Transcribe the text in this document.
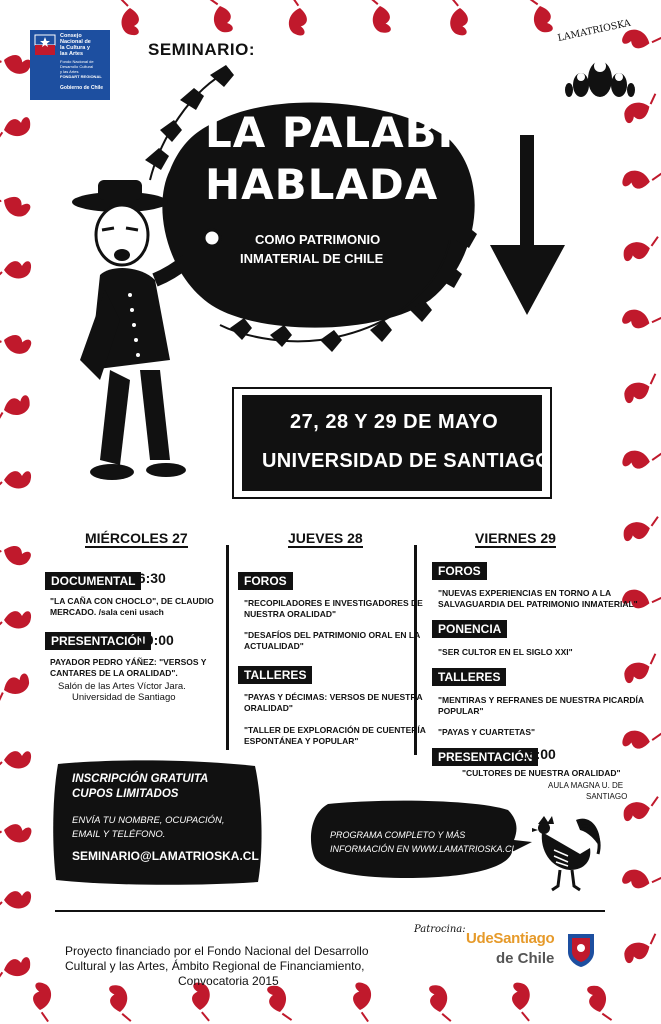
Consejo
Nacional de
la Cultura y
las Artes
Fondo Nacional de
Desarrollo Cultural
y las Artes
FONDART REGIONAL
Gobierno de Chile
SEMINARIO:
LAMATRIOSKA
LA PALABRA
HABLADA
COMO PATRIMONIO
INMATERIAL DE CHILE
27, 28 Y 29 DE MAYO
UNIVERSIDAD DE SANTIAGO
MIÉRCOLES 27
DOCUMENTAL
16:30
"LA CAÑA CON CHOCLO", DE CLAUDIO
MERCADO. /sala ceni usach
PRESENTACIÓN
19:00
PAYADOR PEDRO YÁÑEZ: "VERSOS Y
CANTARES DE LA ORALIDAD".
Salón de las Artes Víctor Jara.
Universidad de Santiago
JUEVES 28
FOROS
"RECOPILADORES E INVESTIGADORES DE
NUESTRA ORALIDAD"
"DESAFÍOS DEL PATRIMONIO ORAL EN LA
ACTUALIDAD"
TALLERES
"PAYAS Y DÉCIMAS: VERSOS DE NUESTRA
ORALIDAD"
"TALLER DE EXPLORACIÓN DE CUENTERÍA
ESPONTÁNEA Y POPULAR"
VIERNES 29
FOROS
"NUEVAS EXPERIENCIAS EN TORNO A LA
SALVAGUARDIA DEL PATRIMONIO INMATERIAL"
PONENCIA
"SER CULTOR EN EL SIGLO XXI"
TALLERES
"MENTIRAS Y REFRANES DE NUESTRA PICARDÍA
POPULAR"
"PAYAS Y CUARTETAS"
PRESENTACIÓN
18:00
"CULTORES DE NUESTRA ORALIDAD"
AULA MAGNA U. DE
SANTIAGO
INSCRIPCIÓN GRATUITA
CUPOS LIMITADOS
ENVÍA TU NOMBRE, OCUPACIÓN,
EMAIL Y TELÉFONO.
SEMINARIO@LAMATRIOSKA.CL
PROGRAMA COMPLETO Y MÁS
INFORMACIÓN EN WWW.LAMATRIOSKA.CL
Patrocina:
UdeSantiago
de Chile
Proyecto financiado por el Fondo Nacional del Desarrollo
Cultural y las Artes, Ámbito Regional de Financiamiento,
Convocatoria 2015
